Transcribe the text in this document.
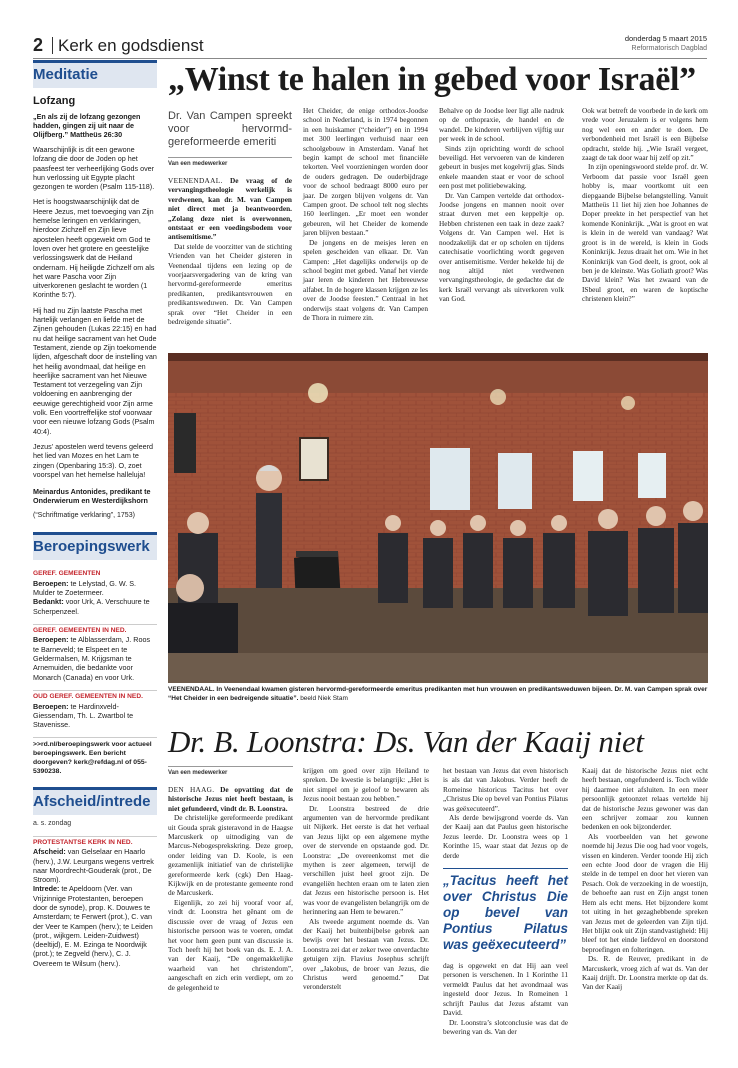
2 Kerk en godsdienst	donderdag 5 maart 2015
Reformatorisch Dagblad
Meditatie
Lofzang
„En als zij de lofzang gezongen hadden, gingen zij uit naar de Olijfberg.” Mattheüs 26:30

Waarschijnlijk is dit een gewone lofzang die door de Joden op het paasfeest ter verheerlijking Gods over hun verlossing uit Egypte placht gezongen te worden (Psalm 115-118).

Het is hoogstwaarschijnlijk dat de Heere Jezus, met toevoeging van Zijn hemelse leringen en verklaringen, hierdoor Zichzelf en Zijn lieve apostelen heeft opgewekt om God te loven over het grotere en geestelijke verlossingswerk dat de Heiland ondernam. Hij heiligde Zichzelf om als het ware Pascha voor Zijn uitverkorenen geslacht te worden (1 Korinthe 5:7).

Hij had nu Zijn laatste Pascha met hartelijk verlangen en liefde met de Zijnen gehouden (Lukas 22:15) en had nu dat heilige sacrament van het Oude Testament, ziende op Zijn toekomende lijden, afgeschaft door de instelling van het heilig avondmaal, dat heilige en heerlijke sacrament van het Nieuwe Testament tot verzegeling van Zijn voldoening en aanbrenging der eeuwige gerechtigheid voor Zijn arme volk. Een voortreffelijke stof voorwaar voor een nieuwe lofzang Gods (Psalm 40:4).

Jezus’ apostelen werd tevens geleerd het lied van Mozes en het Lam te zingen (Openbaring 15:3). O, zoet voorspel van het hemelse halleluja!

Meinardus Antonides, predikant te Onderwierum en Westerdijkshorn
(“Schriftmatige verklaring”, 1753)
Beroepingswerk
GEREF. GEMEENTEN
Beroepen: te Lelystad, G. W. S. Mulder te Zoetermeer.
Bedankt: voor Urk, A. Verschuure te Scherpenzeel.
GEREF. GEMEENTEN IN NED.
Beroepen: te Alblasserdam, J. Roos te Barneveld; te Elspeet en te Geldermalsen, M. Krijgsman te Arnemuiden, die bedankte voor Monarch (Canada) en voor Urk.
OUD GEREF. GEMEENTEN IN NED.
Beroepen: te Hardinxveld-Giessendam, Th. L. Zwartbol te Stavenisse.
>>rd.nl/beroepingswerk voor actueel beroepingswerk. Een bericht doorgeven? kerk@refdag.nl of 055-5390238.
Afscheid/intrede
a. s. zondag
PROTESTANTSE KERK IN NED.
Afscheid: van Gelselaar en Haarlo (herv.), J.W. Leurgans wegens vertrek naar Moordrecht-Gouderak (prot., De Stroom).
Intrede: te Apeldoorn (Ver. van Vrijzinnige Protestanten, beroepen door de synode), prop. K. Douwes te Amsterdam; te Ferwert (prot.), C. van der Veer te Kampen (herv.); te Leiden (prot., wijkgem. Leiden-Zuidwest) (deeltijd), E. M. Ezinga te Noordwijk (prot.); te Zegveld (herv.), C. J. Overeem te Wilsum (herv.).
„Winst te halen in gebed voor Israël”
Dr. Van Campen spreekt voor hervormd-gereformeerde emeriti
Van een medewerker

VEENENDAAL. De vraag of de vervangingstheologie werkelijk is verdwenen, kan dr. M. van Campen niet direct met ja beantwoorden. „Zolang deze niet is overwonnen, ontstaat er een voedingsbodem voor antisemitisme.”

Dat stelde de voorzitter van de stichting Vrienden van het Cheider gisteren in Veenendaal tijdens een lezing op de voorjaarsvergadering van de kring van hervormd-gereformeerde emeritus predikanten, predikantsvrouwen en predikantsweduwen. Dr. Van Campen sprak over “Het Cheider in een bedreigende situatie”.

Het Cheider, de enige orthodox-Joodse school in Nederland, is in 1974 begonnen in een huiskamer (“cheider”) en in 1994 met 300 leerlingen verhuisd naar een schoolgebouw in Amsterdam. Vanaf het begin kampt de school met financiële tekorten. Veel voorzieningen worden door de ouders gedragen. De ouderbijdrage voor de school bedraagt 8000 euro per jaar. De zorgen blijven volgens dr. Van Campen groot. De school telt nog slechts 160 leerlingen. „Er moet een wonder gebeuren, wil het Cheider de komende jaren blijven bestaan.”

De jongens en de meisjes leren en spelen gescheiden van elkaar. Dr. Van Campen: „Het dagelijks onderwijs op de school begint met gebed. Vanaf het vierde jaar leren de kinderen het Hebreeuwse alfabet. In de hogere klassen krijgen ze les over de Joodse feesten.” Centraal in het onderwijs staat volgens dr. Van Campen de Thora in ruimere zin.

Behalve op de Joodse leer ligt alle nadruk op de orthopraxie, de handel en de wandel. De kinderen verblijven vijftig uur per week in de school.

Sinds zijn oprichting wordt de school beveiligd. Het vervoeren van de kinderen gebeurt in busjes met kogelvrij glas. Sinds enkele maanden staat er voor de school een post met politiebewaking.

Dr. Van Campen vertelde dat orthodox-Joodse jongens en mannen nooit over straat durven met een keppeltje op. Hebben christenen een taak in deze zaak? Volgens dr. Van Campen wel. Het is noodzakelijk dat er op scholen en tijdens catechisatie voorlichting wordt gegeven over antisemitisme. Verder hekelde hij de nog altijd niet verdwenen vervangingstheologie, de gedachte dat de kerk Israël vervangt als uitverkoren volk van God.

Ook wat betreft de voorbede in de kerk om vrede voor Jeruzalem is er volgens hem nog wel een en ander te doen. De verbondenheid met Israël is een Bijbelse opdracht, stelde hij. „Wie Israël vergeet, zaagt de tak door waar hij zelf op zit.”

In zijn openingswoord stelde prof. dr. W. Verboom dat passie voor Israël geen hobby is, maar voortkomt uit een diepgaande Bijbelse belangstelling. Vanuit Mattheüs 11 liet hij zien hoe Johannes de Doper preekte in het perspectief van het komende Koninkrijk. „Wat is groot en wat is klein in de wereld van vandaag? Wat groot is in de wereld, is klein in Gods Koninkrijk. Jezus draait het om. Wie in het Koninkrijk van God deelt, is groot, ook al ben je de kleinste. Was Goliath groot? Was David klein? Was het zwaard van de ISbeul groot, en waren de koptische christenen klein?”

VEENENDAAL. In Veenendaal kwamen gisteren hervormd-gereformeerde emeritus predikanten met hun vrouwen en predikantsweduwen bijeen. Dr. M. van Campen sprak over “Het Cheider in een bedreigende situatie”. beeld Niek Stam
Dr. B. Loonstra: Ds. Van der Kaaij niet
Van een medewerker

DEN HAAG. De opvatting dat de historische Jezus niet heeft bestaan, is niet gefundeerd, vindt dr. B. Loonstra.

De christelijke gereformeerde predikant uit Gouda sprak gisteravond in de Haagse Marcuskerk op uitnodiging van de Marcus-Nebogesprekskring. Deze groep, onder leiding van D. Koole, is een gezamenlijk initiatief van de christelijke gereformeerde kerk (cgk) Den Haag-Kijkwijk en de protestante gemeente rond de Marcuskerk.

Eigenlijk, zo zei hij vooraf voor af, vindt dr. Loonstra het gênant om de discussie over de vraag of Jezus een historische persoon was te voeren, omdat het voor hem geen punt van discussie is. Toch heeft hij het boek van ds. E. J. A. van der Kaaij, “De ongemakkelijke waarheid van het christendom”, aangeschaft en zich erin verdiept, om zo de gelegenheid te

krijgen om goed over zijn Heiland te spreken. De kwestie is belangrijk: „Het is niet simpel om je geloof te bewaren als Jezus nooit bestaan zou hebben.”

Dr. Loonstra bestreed de drie argumenten van de hervormde predikant uit Nijkerk. Het eerste is dat het verhaal van Jezus lijkt op een algemene mythe over de stervende en opstaande god. Dr. Loonstra: „De overeenkomst met die mythen is zeer algemeen, terwijl de verschillen juist heel groot zijn. De evangeliën hechten eraan om te laten zien dat Jezus een historische persoon is. Het was voor de evangelisten belangrijk om de herinnering aan Hem te bewaren.”

Als tweede argument noemde ds. Van der Kaaij het buitenbijbelse gebrek aan bewijs over het bestaan van Jezus. Dr. Loonstra zei dat er zeker twee onverdachte getuigen zijn. Flavius Josephus schrijft over „Jakobus, de broer van Jezus, die Christus werd genoemd.” Dat veronderstelt

het bestaan van Jezus dat even historisch is als dat van Jakobus. Verder heeft de Romeinse historicus Tacitus het over „Christus Die op bevel van Pontius Pilatus was geëxecuteerd”.

Als derde bewijsgrond voerde ds. Van der Kaaij aan dat Paulus geen historische Jezus leerde. Dr. Loonstra wees op 1 Korinthe 15, waar staat dat Jezus op de derde

„Tacitus heeft het over Christus Die op bevel van Pontius Pilatus was geëxecuteerd”

dag is opgewekt en dat Hij aan veel personen is verschenen. In 1 Korinthe 11 vermeldt Paulus dat het avondmaal was ingesteld door Jezus. In Romeinen 1 schrijft Paulus dat Jezus afstamt van David.

Dr. Loonstra’s slotconclusie was dat de bewering van ds. Van der

Kaaij dat de historische Jezus niet echt heeft bestaan, ongefundeerd is. Toch wilde hij daarmee niet afsluiten. In een meer persoonlijk getoonzet relaas vertelde hij dat de historische Jezus gewoner was dan een schrijver zomaar zou kunnen bedenken en ook bijzonderder.

Als voorbeelden van het gewone noemde hij Jezus Die oog had voor vogels, vissen en kinderen. Verder toonde Hij zich een echte Jood door de vragen die Hij stelde in de tempel en door het vieren van Pesach. Ook de verzoeking in de woestijn, de behoefte aan rust en Zijn angst tonen Hem als echt mens. Het bijzondere komt tot uiting in het gezaghebbende spreken van Jezus met de geleerden van Zijn tijd. Het blijkt ook uit Zijn standvastigheid: Hij bleef tot het einde liefdevol en doorstond beproefingen en folteringen.

Ds. R. de Reuver, predikant in de Marcuskerk, vroeg zich af wat ds. Van der Kaaij drijft. Dr. Loonstra merkte op dat ds. Van der Kaaij
